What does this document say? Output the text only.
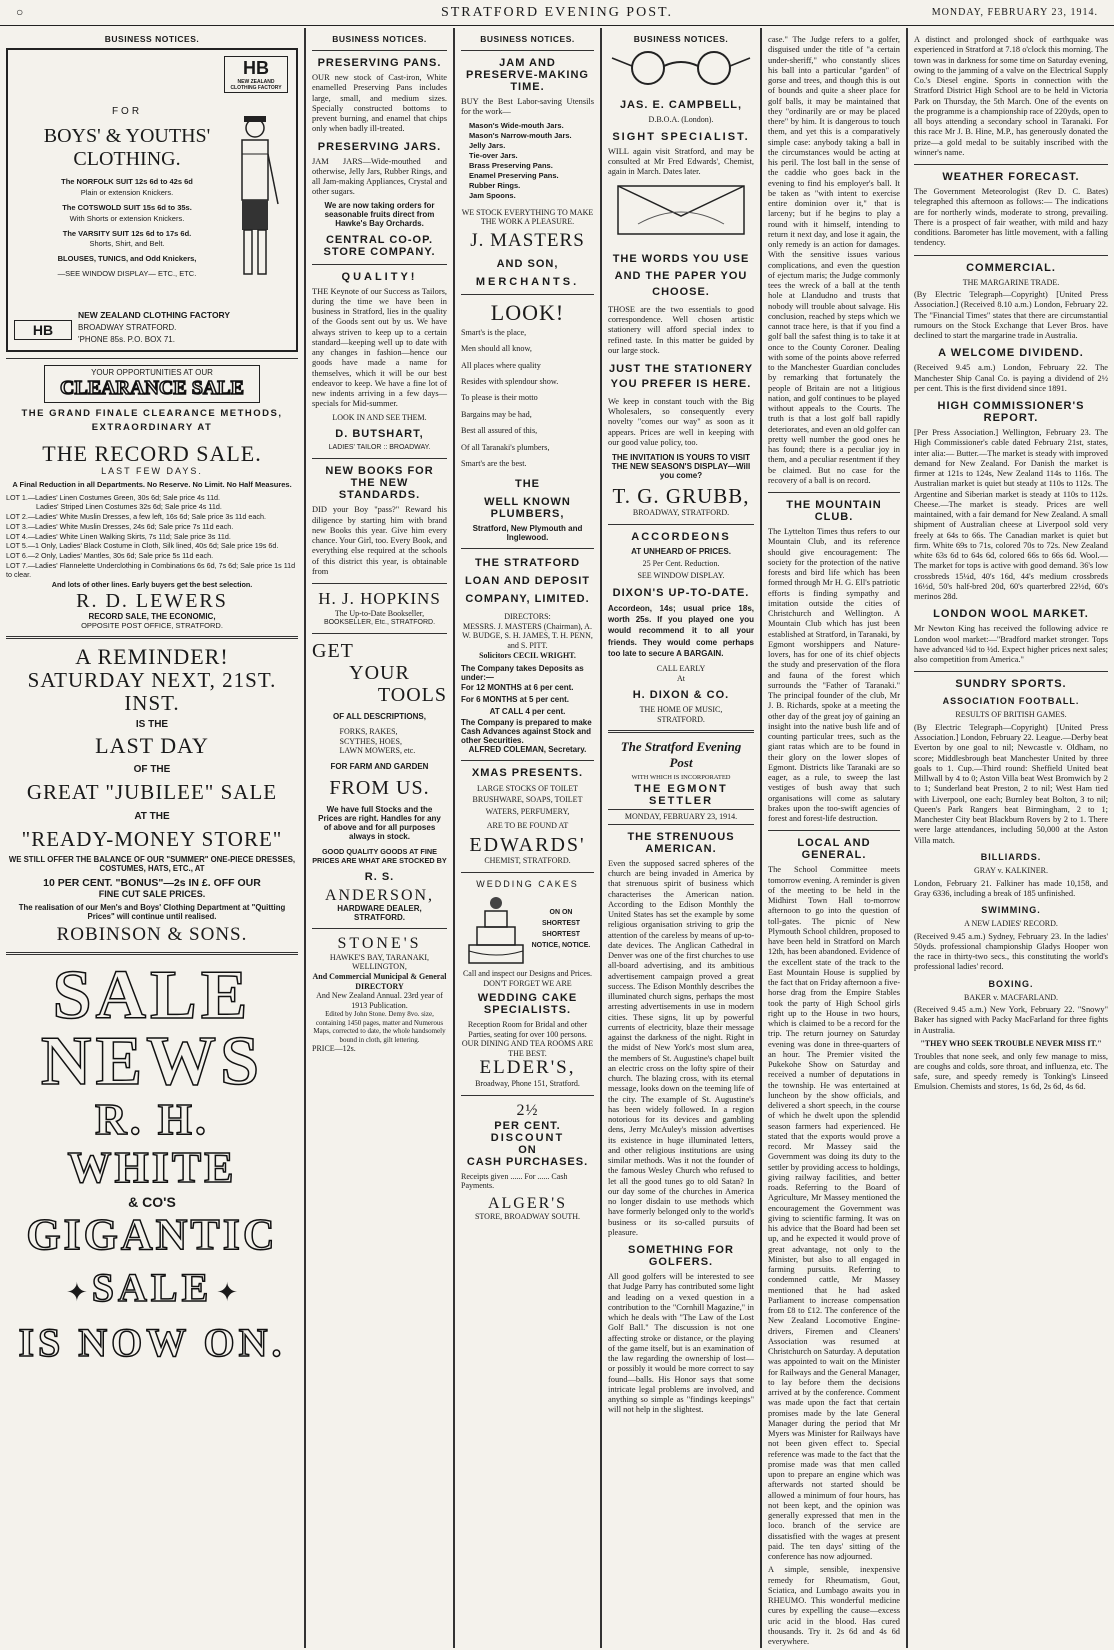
○	STRATFORD EVENING POST.	MONDAY, FEBRUARY 23, 1914.
BUSINESS NOTICES.
HB
NEW ZEALAND CLOTHING FACTORY
FOR
BOYS' & YOUTHS' CLOTHING.
The NORFOLK SUIT 12s 6d to 42s 6d
Plain or extension Knickers.
The COTSWOLD SUIT 15s 6d to 35s.
With Shorts or extension Knickers.
The VARSITY SUIT 12s 6d to 17s 6d.
Shorts, Shirt, and Belt.
BLOUSES, TUNICS, and Odd Knickers,
—SEE WINDOW DISPLAY— ETC., ETC.
HB
NEW ZEALAND CLOTHING FACTORY
BROADWAY STRATFORD.
'PHONE 85s. P.O. BOX 71.
YOUR OPPORTUNITIES AT OUR
CLEARANCE SALE
THE GRAND FINALE CLEARANCE METHODS, EXTRAORDINARY AT
THE RECORD SALE.
LAST FEW DAYS.
A Final Reduction in all Departments. No Reserve. No Limit. No Half Measures.
LOT 1.—Ladies' Linen Costumes Green, 30s 6d; Sale price 4s 11d.
Ladies' Striped Linen Costumes 32s 6d; Sale price 4s 11d.
LOT 2.—Ladies' White Muslin Dresses, a few left, 16s 6d; Sale price 3s 11d each.
LOT 3.—Ladies' White Muslin Dresses, 24s 6d; Sale price 7s 11d each.
LOT 4.—Ladies' White Linen Walking Skirts, 7s 11d; Sale price 3s 11d.
LOT 5.—1 Only, Ladies' Black Costume in Cloth, Silk lined, 40s 6d; Sale price 19s 6d.
LOT 6.—2 Only, Ladies' Mantles, 30s 6d; Sale price 5s 11d each.
LOT 7.—Ladies' Flannelette Underclothing in Combinations 6s 6d, 7s 6d; Sale price 1s 11d to clear.
And lots of other lines. Early buyers get the best selection.
R. D. LEWERS
RECORD SALE, THE ECONOMIC,
OPPOSITE POST OFFICE, STRATFORD.
A REMINDER!
SATURDAY NEXT, 21ST. INST.
IS THE
LAST DAY
OF THE
GREAT "JUBILEE" SALE
AT THE
"READY-MONEY STORE"
WE STILL OFFER THE BALANCE OF OUR "SUMMER" ONE-PIECE DRESSES, COSTUMES, HATS, ETC., AT
10 PER CENT. "BONUS"—2s IN £. OFF OUR
FINE CUT SALE PRICES.
The realisation of our Men's and Boys' Clothing Department at "Quitting Prices" will continue until realised.
ROBINSON & SONS.
SALE
NEWS
R. H. WHITE
& CO'S
GIGANTIC
✦ SALE ✦
IS NOW ON.
BUSINESS NOTICES.
PRESERVING PANS.
OUR new stock of Cast-iron, White enamelled Preserving Pans includes large, small, and medium sizes. Specially constructed bottoms to prevent burning, and enamel that chips only when badly ill-treated.
PRESERVING JARS.
JAM JARS—Wide-mouthed and otherwise, Jelly Jars, Rubber Rings, and all Jam-making Appliances, Crystal and other sugars.
We are now taking orders for seasonable fruits direct from Hawke's Bay Orchards.
CENTRAL CO-OP. STORE COMPANY.
QUALITY!
THE Keynote of our Success as Tailors, during the time we have been in business in Stratford, lies in the quality of the Goods sent out by us. We have always striven to keep up to a certain standard—keeping well up to date with any changes in fashion—hence our goods have made a name for themselves, which it will be our best endeavor to keep. We have a fine lot of new indents arriving in a few days—specials for Mid-summer.
LOOK IN AND SEE THEM.
D. BUTSHART,
LADIES' TAILOR :: BROADWAY.
NEW BOOKS FOR THE NEW STANDARDS.
DID your Boy "pass?" Reward his diligence by starting him with brand new Books this year. Give him every chance. Your Girl, too. Every Book, and everything else required at the schools of this district this year, is obtainable from
H. J. HOPKINS
The Up-to-Date Bookseller,
BOOKSELLER, Etc., STRATFORD.
GET
YOUR
TOOLS
OF ALL DESCRIPTIONS,
FORKS, RAKES, SCYTHES, HOES, LAWN MOWERS, etc.
FOR FARM AND GARDEN
FROM US.
We have full Stocks and the Prices are right. Handles for any of above and for all purposes always in stock.
GOOD QUALITY GOODS AT FINE PRICES ARE WHAT ARE STOCKED BY
R. S.
ANDERSON,
HARDWARE DEALER, STRATFORD.
STONE'S
HAWKE'S BAY, TARANAKI, WELLINGTON,
And Commercial Municipal & General DIRECTORY
And New Zealand Annual. 23rd year of 1913 Publication.
Edited by John Stone. Demy 8vo. size, containing 1450 pages, matter and Numerous Maps, corrected to date, the whole handsomely bound in cloth, gilt lettering.
PRICE—12s.
BUSINESS NOTICES.
JAM AND PRESERVE-MAKING TIME.
BUY the Best Labor-saving Utensils for the work—
Mason's Wide-mouth Jars.
Mason's Narrow-mouth Jars.
Jelly Jars.
Tie-over Jars.
Brass Preserving Pans.
Enamel Preserving Pans.
Rubber Rings.
Jam Spoons.
WE STOCK EVERYTHING TO MAKE THE WORK A PLEASURE.
J. MASTERS
AND SON,
MERCHANTS.
LOOK!
Smart's is the place,
Men should all know,
All places where quality
Resides with splendour show.
To please is their motto
Bargains may be had,
Best all assured of this,
Of all Taranaki's plumbers,
Smart's are the best.
THE
WELL KNOWN PLUMBERS,
Stratford, New Plymouth and Inglewood.
THE STRATFORD LOAN AND DEPOSIT COMPANY, LIMITED.
DIRECTORS:
MESSRS. J. MASTERS (Chairman), A. W. BUDGE, S. H. JAMES, T. H. PENN, and S. PITT.
Solicitors CECIL WRIGHT.
The Company takes Deposits as under:—
For 12 MONTHS at 6 per cent.
For 6 MONTHS at 5 per cent.
AT CALL 4 per cent.
The Company is prepared to make Cash Advances against Stock and other Securities.
ALFRED COLEMAN, Secretary.
XMAS PRESENTS.
LARGE STOCKS OF TOILET BRUSHWARE, SOAPS, TOILET WATERS, PERFUMERY,
ARE TO BE FOUND AT
EDWARDS'
CHEMIST, STRATFORD.
WEDDING CAKES
ON ON SHORTEST SHORTEST NOTICE, NOTICE.
Call and inspect our Designs and Prices. DON'T FORGET WE ARE
WEDDING CAKE SPECIALISTS.
Reception Room for Bridal and other Parties, seating for over 100 persons. OUR DINING AND TEA ROOMS ARE THE BEST.
ELDER'S,
Broadway, Phone 151, Stratford.
2½
PER CENT.
DISCOUNT
ON
CASH PURCHASES.
Receipts given ...... For ...... Cash Payments.
ALGER'S
STORE, BROADWAY SOUTH.
BUSINESS NOTICES.
JAS. E. CAMPBELL,
D.B.O.A. (London).
SIGHT SPECIALIST.
WILL again visit Stratford, and may be consulted at Mr Fred Edwards', Chemist, again in March. Dates later.
THE WORDS YOU USE AND THE PAPER YOU CHOOSE.
THOSE are the two essentials to good correspondence. Well chosen artistic stationery will afford special index to refined taste. In this matter be guided by our large stock.
JUST THE STATIONERY YOU PREFER IS HERE.
We keep in constant touch with the Big Wholesalers, so consequently every novelty "comes our way" as soon as it appears. Prices are well in keeping with our good value policy, too.
THE INVITATION IS YOURS TO VISIT THE NEW SEASON'S DISPLAY—Will you come?
T. G. GRUBB,
BROADWAY, STRATFORD.
ACCORDEONS
AT UNHEARD OF PRICES.
25 Per Cent. Reduction.
SEE WINDOW DISPLAY.
DIXON'S UP-TO-DATE.
Accordeon, 14s; usual price 18s, worth 25s. If you played one you would recommend it to all your friends. They would come perhaps too late to secure A BARGAIN.
CALL EARLY
At
H. DIXON & CO.
THE HOME OF MUSIC,
STRATFORD.
The Stratford Evening Post
WITH WHICH IS INCORPORATED
THE EGMONT SETTLER
MONDAY, FEBRUARY 23, 1914.
THE STRENUOUS AMERICAN.
Even the supposed sacred spheres of the church are being invaded in America by that strenuous spirit of business which characterises the American nation. According to the Edison Monthly the United States has set the example by some religious organisation striving to grip the attention of the careless by means of up-to-date devices. The Anglican Cathedral in Denver was one of the first churches to use all-board advertising, and its ambitious advertisement campaign proved a great success. The Edison Monthly describes the illuminated church signs, perhaps the most arresting advertisements in use in modern cities. These signs, lit up by powerful currents of electricity, blaze their message against the darkness of the night. Right in the midst of New York's most slum area, the members of St. Augustine's chapel built an electric cross on the lofty spire of their church. The blazing cross, with its eternal message, looks down on the teeming life of the city. The example of St. Augustine's has been widely followed. In a region notorious for its devices and gambling dens, Jerry McAuley's mission advertises its existence in huge illuminated letters, and other religious institutions are using similar methods. Was it not the founder of the famous Wesley Church who refused to let all the good tunes go to old Satan? In our day some of the churches in America no longer disdain to use methods which have formerly belonged only to the world's business or its so-called pursuits of pleasure.
SOMETHING FOR GOLFERS.
All good golfers will be interested to see that Judge Parry has contributed some light and leading on a vexed question in a contribution to the "Cornhill Magazine," in which he deals with "The Law of the Lost Golf Ball." The discussion is not one affecting stroke or distance, or the playing of the game itself, but is an examination of the law regarding the ownership of lost—or possibly it would be more correct to say found—balls. His Honor says that some intricate legal problems are involved, and anything so simple as "findings keepings" will not help in the slightest.
case." The Judge refers to a golfer, disguised under the title of "a certain under-sheriff," who constantly slices his ball into a particular "garden" of gorse and trees, and though this is out of bounds and quite a sheer place for golf balls, it may be maintained that they "ordinarily are or may be placed there" by him. It is dangerous to touch them, and yet this is a comparatively simple case: anybody taking a ball in the circumstances would be acting at his peril. The lost ball in the sense of the caddie who goes back in the evening to find his employer's ball. It be taken as "with intent to exercise entire dominion over it," that is larceny; but if he begins to play a round with it himself, intending to return it next day, and lose it again, the only remedy is an action for damages. With the sensitive issues various complications, and even the question of ejectum maris; the Judge commonly tees the wreck of a ball at the tenth hole at Llandudno and trusts that nobody will trouble about salvage. His conclusion, reached by steps which we cannot trace here, is that if you find a golf ball the safest thing is to take it at once to the County Coroner. Dealing with some of the points above referred to the Manchester Guardian concludes by remarking that fortunately the people of Britain are not a litigious nation, and golf continues to be played without appeals to the Courts. The truth is that a lost golf ball rapidly deteriorates, and even an old golfer can pretty well number the good ones he has found; there is a peculiar joy in them, and a peculiar resentment if they be claimed. But no case for the recovery of a ball is on record.
THE MOUNTAIN CLUB.
The Lyttelton Times thus refers to our Mountain Club, and its reference should give encouragement: The society for the protection of the native forests and bird life which has been formed through Mr H. G. Ell's patriotic efforts is finding sympathy and imitation outside the cities of Christchurch and Wellington. A Mountain Club which has just been established at Stratford, in Taranaki, by Egmont worshippers and Nature-lovers, has for one of its chief objects the study and preservation of the flora and fauna of the forest which surrounds the "Father of Taranaki." The principal founder of the club, Mr J. B. Richards, spoke at a meeting the other day of the great joy of gaining an insight into the native bush life and of counting particular trees, such as the giant ratas which are to be found in their glory on the lower slopes of Egmont. Districts like Taranaki are so eager, as a rule, to sweep the last vestiges of bush away that such organisations will come as salutary brakes upon the too-swift agencies of forest and forest-life destruction.
LOCAL AND GENERAL.
The School Committee meets tomorrow evening. A reminder is given of the meeting to be held in the Midhirst Town Hall to-morrow afternoon to go into the question of toll-gates. The picnic of New Plymouth School children, proposed to have been held in Stratford on March 12th, has been abandoned. Evidence of the excellent state of the track to the East Mountain House is supplied by the fact that on Friday afternoon a five-horse drag from the Empire Stables took the party of High School girls right up to the House in two hours, which is claimed to be a record for the trip. The return journey on Saturday evening was done in three-quarters of an hour. The Premier visited the Pukekohe Show on Saturday and received a number of deputations in the township. He was entertained at luncheon by the show officials, and delivered a short speech, in the course of which he dwelt upon the splendid season farmers had experienced. He stated that the exports would prove a record. Mr Massey said the Government was doing its duty to the settler by providing access to holdings, giving railway facilities, and better roads. Referring to the Board of Agriculture, Mr Massey mentioned the encouragement the Government was giving to scientific farming. It was on his advice that the Board had been set up, and he expected it would prove of great advantage, not only to the Minister, but also to all engaged in farming pursuits. Referring to condemned cattle, Mr Massey mentioned that he had asked Parliament to increase compensation from £8 to £12. The conference of the New Zealand Locomotive Engine-drivers, Firemen and Cleaners' Association was resumed at Christchurch on Saturday. A deputation was appointed to wait on the Minister for Railways and the General Manager, to lay before them the decisions arrived at by the conference. Comment was made upon the fact that certain promises made by the late General Manager during the period that Mr Myers was Minister for Railways have not been given effect to. Special reference was made to the fact that the promise made was that men called upon to prepare an engine which was afterwards not started should be allowed a minimum of four hours, has not been kept, and the opinion was generally expressed that men in the loco. branch of the service are dissatisfied with the wages at present paid. The ten days' sitting of the conference has now adjourned.
A simple, sensible, inexpensive remedy for Rheumatism, Gout, Sciatica, and Lumbago awaits you in RHEUMO. This wonderful medicine cures by expelling the cause—excess uric acid in the blood. Has cured thousands. Try it. 2s 6d and 4s 6d everywhere.
A distinct and prolonged shock of earthquake was experienced in Stratford at 7.18 o'clock this morning. The town was in darkness for some time on Saturday evening, owing to the jamming of a valve on the Electrical Supply Co.'s Diesel engine. Sports in connection with the Stratford District High School are to be held in Victoria Park on Thursday, the 5th March. One of the events on the programme is a championship race of 220yds, open to all boys attending a secondary school in Taranaki. For this race Mr J. B. Hine, M.P., has generously donated the prize—a gold medal to be suitably inscribed with the winner's name.
WEATHER FORECAST.
The Government Meteorologist (Rev D. C. Bates) telegraphed this afternoon as follows:— The indications are for northerly winds, moderate to strong, prevailing. There is a prospect of fair weather, with mild and hazy conditions. Barometer has little movement, with a falling tendency.
COMMERCIAL.
THE MARGARINE TRADE.
(By Electric Telegraph—Copyright) [United Press Association.] (Received 8.10 a.m.) London, February 22. The "Financial Times" states that there are circumstantial rumours on the Stock Exchange that Lever Bros. have declined to start the margarine trade in Australia.
A WELCOME DIVIDEND.
(Received 9.45 a.m.) London, February 22. The Manchester Ship Canal Co. is paying a dividend of 2½ per cent. This is the first dividend since 1891.
HIGH COMMISSIONER'S REPORT.
[Per Press Association.] Wellington, February 23. The High Commissioner's cable dated February 21st, states, inter alia:— Butter.—The market is steady with improved demand for New Zealand. For Danish the market is firmer at 121s to 124s, New Zealand 114s to 116s. The Australian market is quiet but steady at 110s to 112s. The Argentine and Siberian market is steady at 110s to 112s. Cheese.—The market is steady. Prices are well maintained, with a fair demand for New Zealand. A small shipment of Australian cheese at Liverpool sold very freely at 64s to 66s. The Canadian market is quiet but firm. White 69s to 71s, colored 70s to 72s. New Zealand white 63s 6d to 64s 6d, colored 66s to 66s 6d. Wool.—The market for tops is active with good demand. 36's low crossbreds 15¼d, 40's 16d, 44's medium crossbreds 16½d, 50's half-bred 20d, 60's quarterbred 22½d, 60's merinos 28d.
LONDON WOOL MARKET.
Mr Newton King has received the following advice re London wool market:—"Bradford market stronger. Tops have advanced ¼d to ½d. Expect higher prices next sales; also competition from America."
SUNDRY SPORTS.
ASSOCIATION FOOTBALL.
RESULTS OF BRITISH GAMES.
(By Electric Telegraph—Copyright) [United Press Association.] London, February 22. League.—Derby beat Everton by one goal to nil; Newcastle v. Oldham, no score; Middlesbrough beat Manchester United by three goals to 1. Cup.—Third round: Sheffield United beat Millwall by 4 to 0; Aston Villa beat West Bromwich by 2 to 1; Sunderland beat Preston, 2 to nil; West Ham tied with Liverpool, one each; Burnley beat Bolton, 3 to nil; Queen's Park Rangers beat Birmingham, 2 to 1; Manchester City beat Blackburn Rovers by 2 to 1. There were large attendances, including 50,000 at the Aston Villa match.
BILLIARDS.
GRAY v. KALKINER.
London, February 21. Falkiner has made 10,158, and Gray 6336, including a break of 185 unfinished.
SWIMMING.
A NEW LADIES' RECORD.
(Received 9.45 a.m.) Sydney, February 23. In the ladies' 50yds. professional championship Gladys Hooper won the race in thirty-two secs., this constituting the world's professional ladies' record.
BOXING.
BAKER v. MACFARLAND.
(Received 9.45 a.m.) New York, February 22. "Snowy" Baker has signed with Packy MacFarland for three fights in Australia.
"THEY WHO SEEK TROUBLE NEVER MISS IT."
Troubles that none seek, and only few manage to miss, are coughs and colds, sore throat, and influenza, etc. The safe, sure, and speedy remedy is Tonking's Linseed Emulsion. Chemists and stores, 1s 6d, 2s 6d, 4s 6d.
